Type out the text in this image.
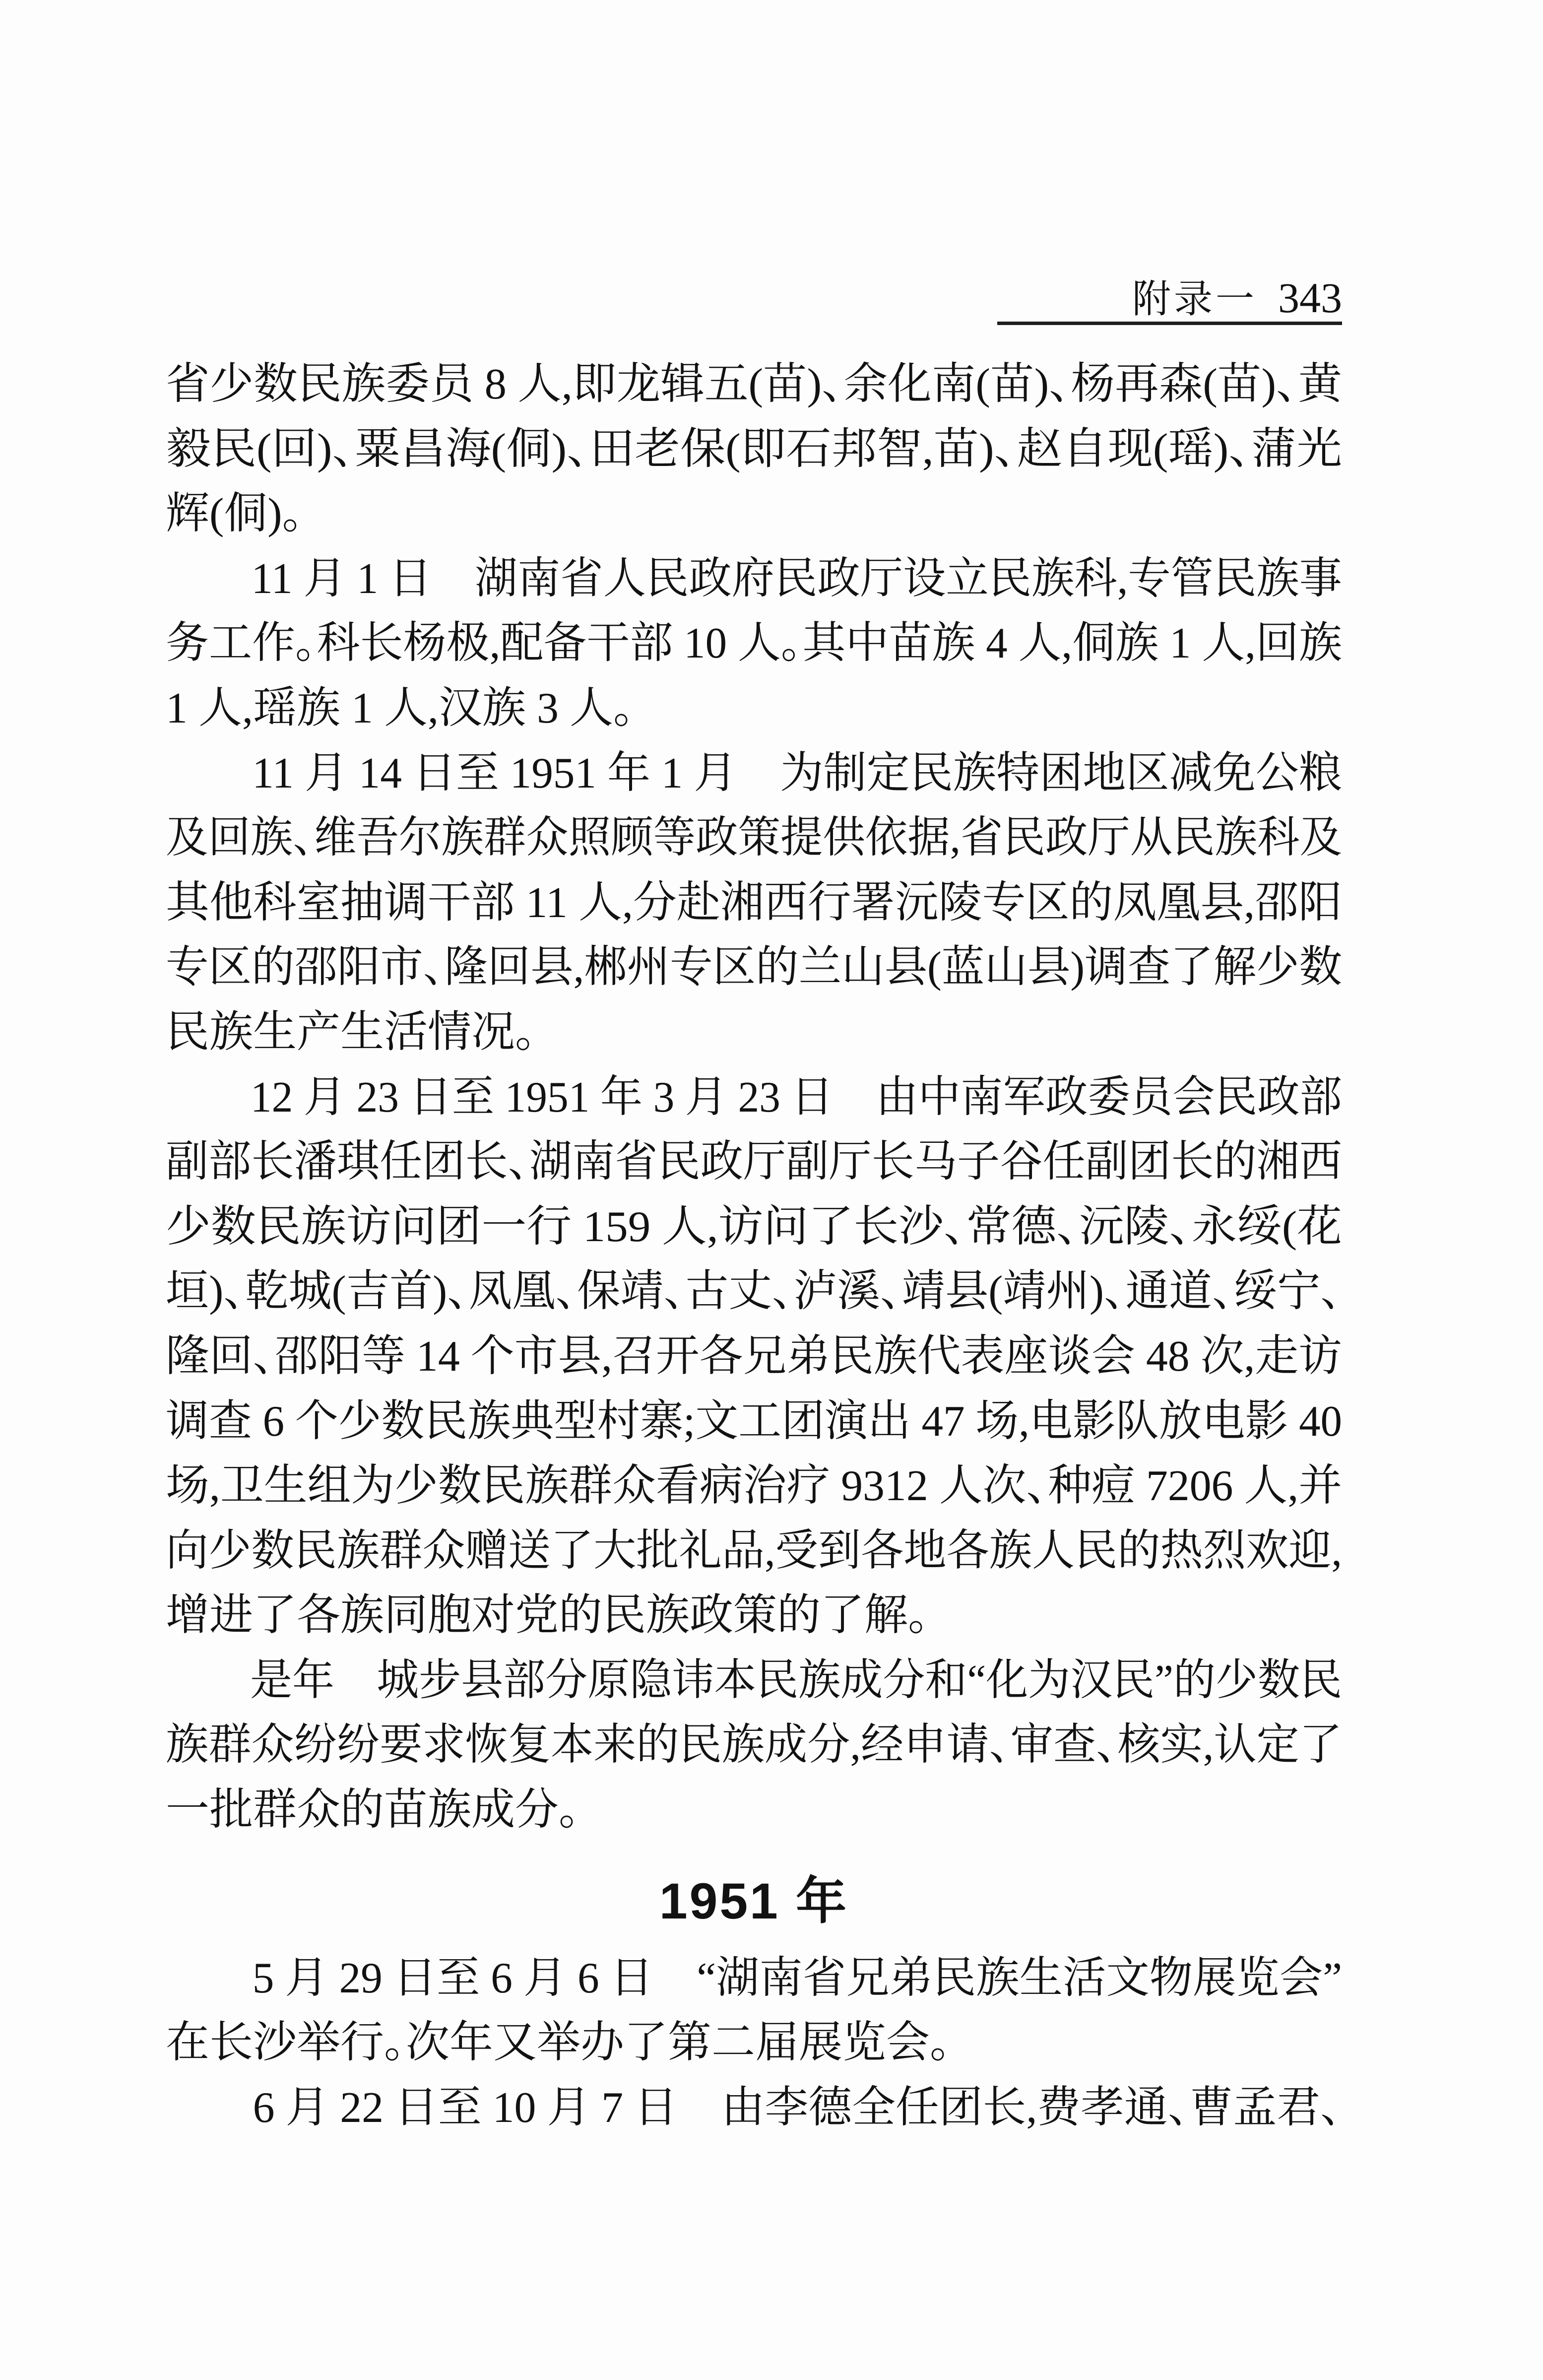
附录一 343
省少数民族委员 8 人,即龙辑五(苗)、余化南(苗)、杨再森(苗)、黄
毅民(回)、粟昌海(侗)、田老保(即石邦智,苗)、赵自现(瑶)、蒲光
辉(侗)。
　　11 月 1 日　湖南省人民政府民政厅设立民族科,专管民族事
务工作。科长杨极,配备干部 10 人。其中苗族 4 人,侗族 1 人,回族
1 人,瑶族 1 人,汉族 3 人。
　　11 月 14 日至 1951 年 1 月　为制定民族特困地区减免公粮
及回族、维吾尔族群众照顾等政策提供依据,省民政厅从民族科及
其他科室抽调干部 11 人,分赴湘西行署沅陵专区的凤凰县,邵阳
专区的邵阳市、隆回县,郴州专区的兰山县(蓝山县)调查了解少数
民族生产生活情况。
　　12 月 23 日至 1951 年 3 月 23 日　由中南军政委员会民政部
副部长潘琪任团长、湖南省民政厅副厅长马子谷任副团长的湘西
少数民族访问团一行 159 人,访问了长沙、常德、沅陵、永绥(花
垣)、乾城(吉首)、凤凰、保靖、古丈、泸溪、靖县(靖州)、通道、绥宁、
隆回、邵阳等 14 个市县,召开各兄弟民族代表座谈会 48 次,走访
调查 6 个少数民族典型村寨;文工团演出 47 场,电影队放电影 40
场,卫生组为少数民族群众看病治疗 9312 人次、种痘 7206 人,并
向少数民族群众赠送了大批礼品,受到各地各族人民的热烈欢迎,
增进了各族同胞对党的民族政策的了解。
　　是年　城步县部分原隐讳本民族成分和“化为汉民”的少数民
族群众纷纷要求恢复本来的民族成分,经申请、审查、核实,认定了
一批群众的苗族成分。
1951 年
　　5 月 29 日至 6 月 6 日　“湖南省兄弟民族生活文物展览会”
在长沙举行。次年又举办了第二届展览会。
　　6 月 22 日至 10 月 7 日　由李德全任团长,费孝通、曹孟君、
